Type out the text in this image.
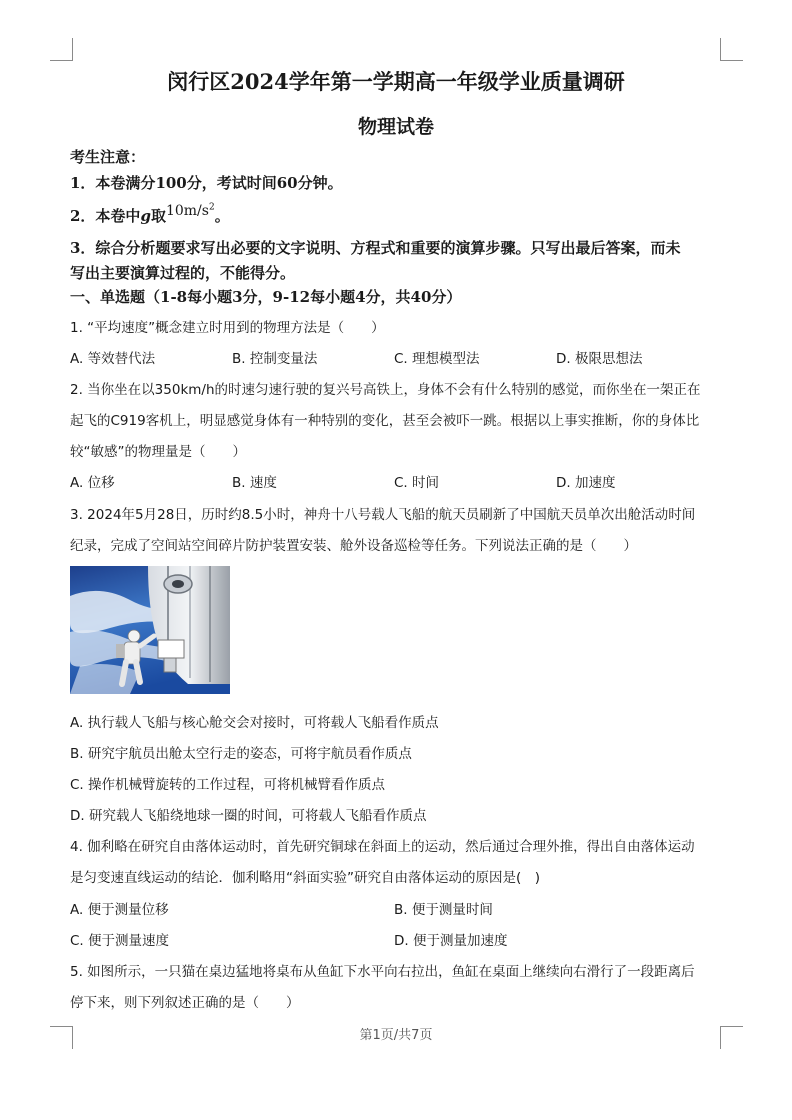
闵行区2024学年第一学期高一年级学业质量调研
物理试卷
考生注意：
1．本卷满分100分，考试时间60分钟。
2．本卷中g取$10m/s^2$。
3．综合分析题要求写出必要的文字说明、方程式和重要的演算步骤。只写出最后答案，而未
写出主要演算过程的，不能得分。
一、单选题（1-8每小题3分，9-12每小题4分，共40分）
1. “平均速度”概念建立时用到的物理方法是（　　）
A. 等效替代法	B. 控制变量法	C. 理想模型法	D. 极限思想法
2. 当你坐在以350km/h的时速匀速行驶的复兴号高铁上，身体不会有什么特别的感觉，而你坐在一架正在
起飞的C919客机上，明显感觉身体有一种特别的变化，甚至会被吓一跳。根据以上事实推断，你的身体比
较“敏感”的物理量是（　　）
A. 位移	B. 速度	C. 时间	D. 加速度
3. 2024年5月28日，历时约8.5小时，神舟十八号载人飞船的航天员刷新了中国航天员单次出舱活动时间
纪录，完成了空间站空间碎片防护装置安装、舱外设备巡检等任务。下列说法正确的是（　　）
A. 执行载人飞船与核心舱交会对接时，可将载人飞船看作质点
B. 研究宇航员出舱太空行走的姿态，可将宇航员看作质点
C. 操作机械臂旋转的工作过程，可将机械臂看作质点
D. 研究载人飞船绕地球一圈的时间，可将载人飞船看作质点
4. 伽利略在研究自由落体运动时，首先研究铜球在斜面上的运动，然后通过合理外推，得出自由落体运动
是匀变速直线运动的结论．伽利略用“斜面实验”研究自由落体运动的原因是(　)
A. 便于测量位移	B. 便于测量时间
C. 便于测量速度	D. 便于测量加速度
5. 如图所示，一只猫在桌边猛地将桌布从鱼缸下水平向右拉出，鱼缸在桌面上继续向右滑行了一段距离后
停下来，则下列叙述正确的是（　　）
第1页/共7页
